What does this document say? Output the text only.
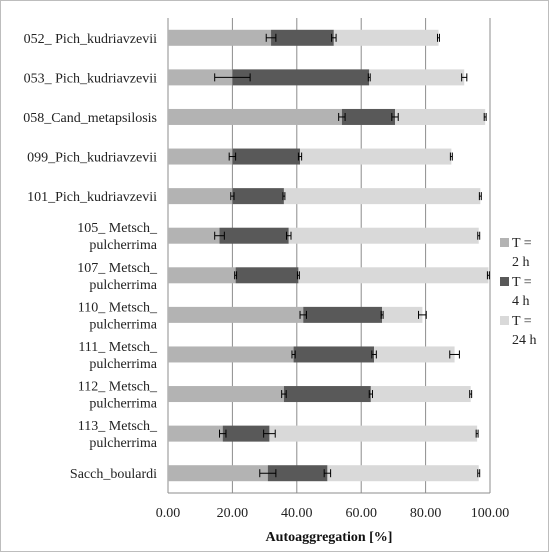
052_ Pich_kudriavzevii
053_ Pich_kudriavzevii
058_Cand_metapsilosis
099_Pich_kudriavzevii
101_Pich_kudriavzevii
105_ Metsch_
pulcherrima
107_ Metsch_
pulcherrima
110_ Metsch_
pulcherrima
111_ Metsch_
pulcherrima
112_ Metsch_
pulcherrima
113_ Metsch_
pulcherrima
Sacch_boulardi
0.00	20.00 40.00 60.00 80.00 100.00
Autoaggregation [%]
T =
2 h
T =
4 h
T =
24 h
